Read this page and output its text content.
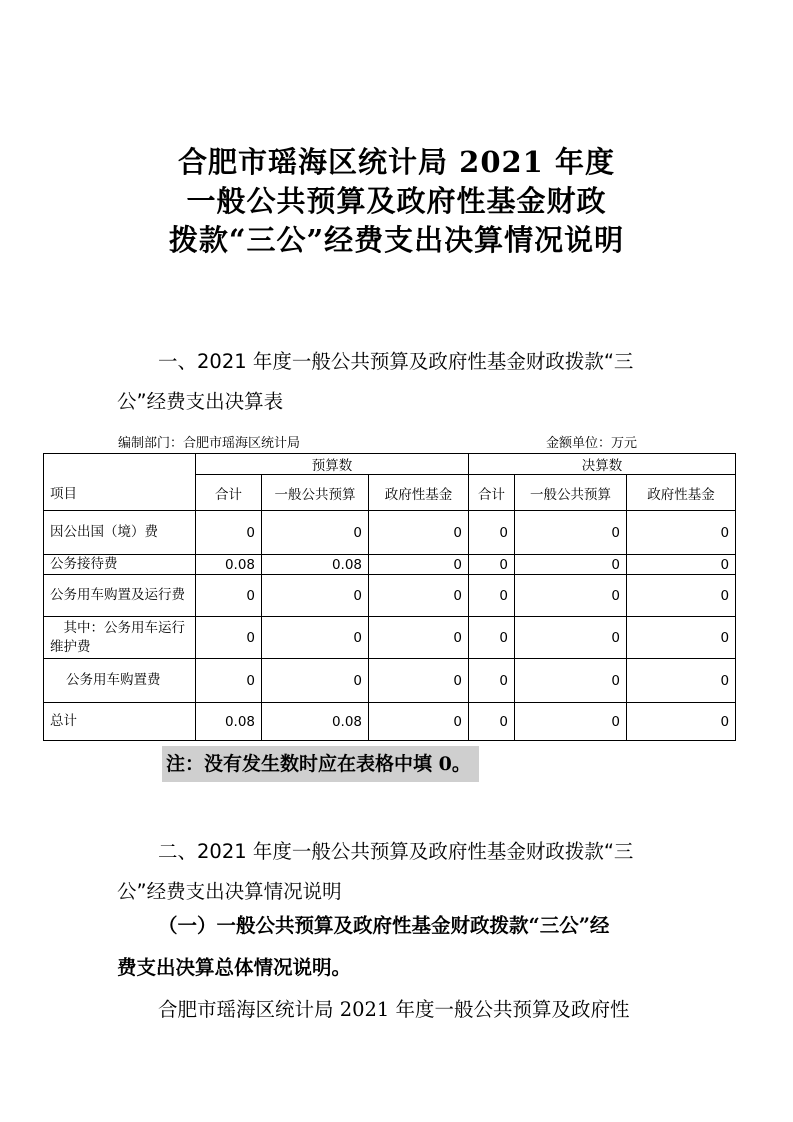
合肥市瑶海区统计局 2021 年度
一般公共预算及政府性基金财政
拨款“三公”经费支出决算情况说明
一、2021 年度一般公共预算及政府性基金财政拨款“三
公”经费支出决算表
编制部门：合肥市瑶海区统计局	金额单位：万元
项目	预算数			决算数		
	合计	一般公共预算	政府性基金	合计	一般公共预算	政府性基金
因公出国（境）费	0	0	0	0	0	0
公务接待费	0.08	0.08	0	0	0	0
公务用车购置及运行费	0	0	0	0	0	0
　其中：公务用车运行维护费	0	0	0	0	0	0
公务用车购置费	0	0	0	0	0	0
总计	0.08	0.08	0	0	0	0
注：没有发生数时应在表格中填 0。
二、2021 年度一般公共预算及政府性基金财政拨款“三
公”经费支出决算情况说明
（一）一般公共预算及政府性基金财政拨款“三公”经
费支出决算总体情况说明。
合肥市瑶海区统计局 2021 年度一般公共预算及政府性
